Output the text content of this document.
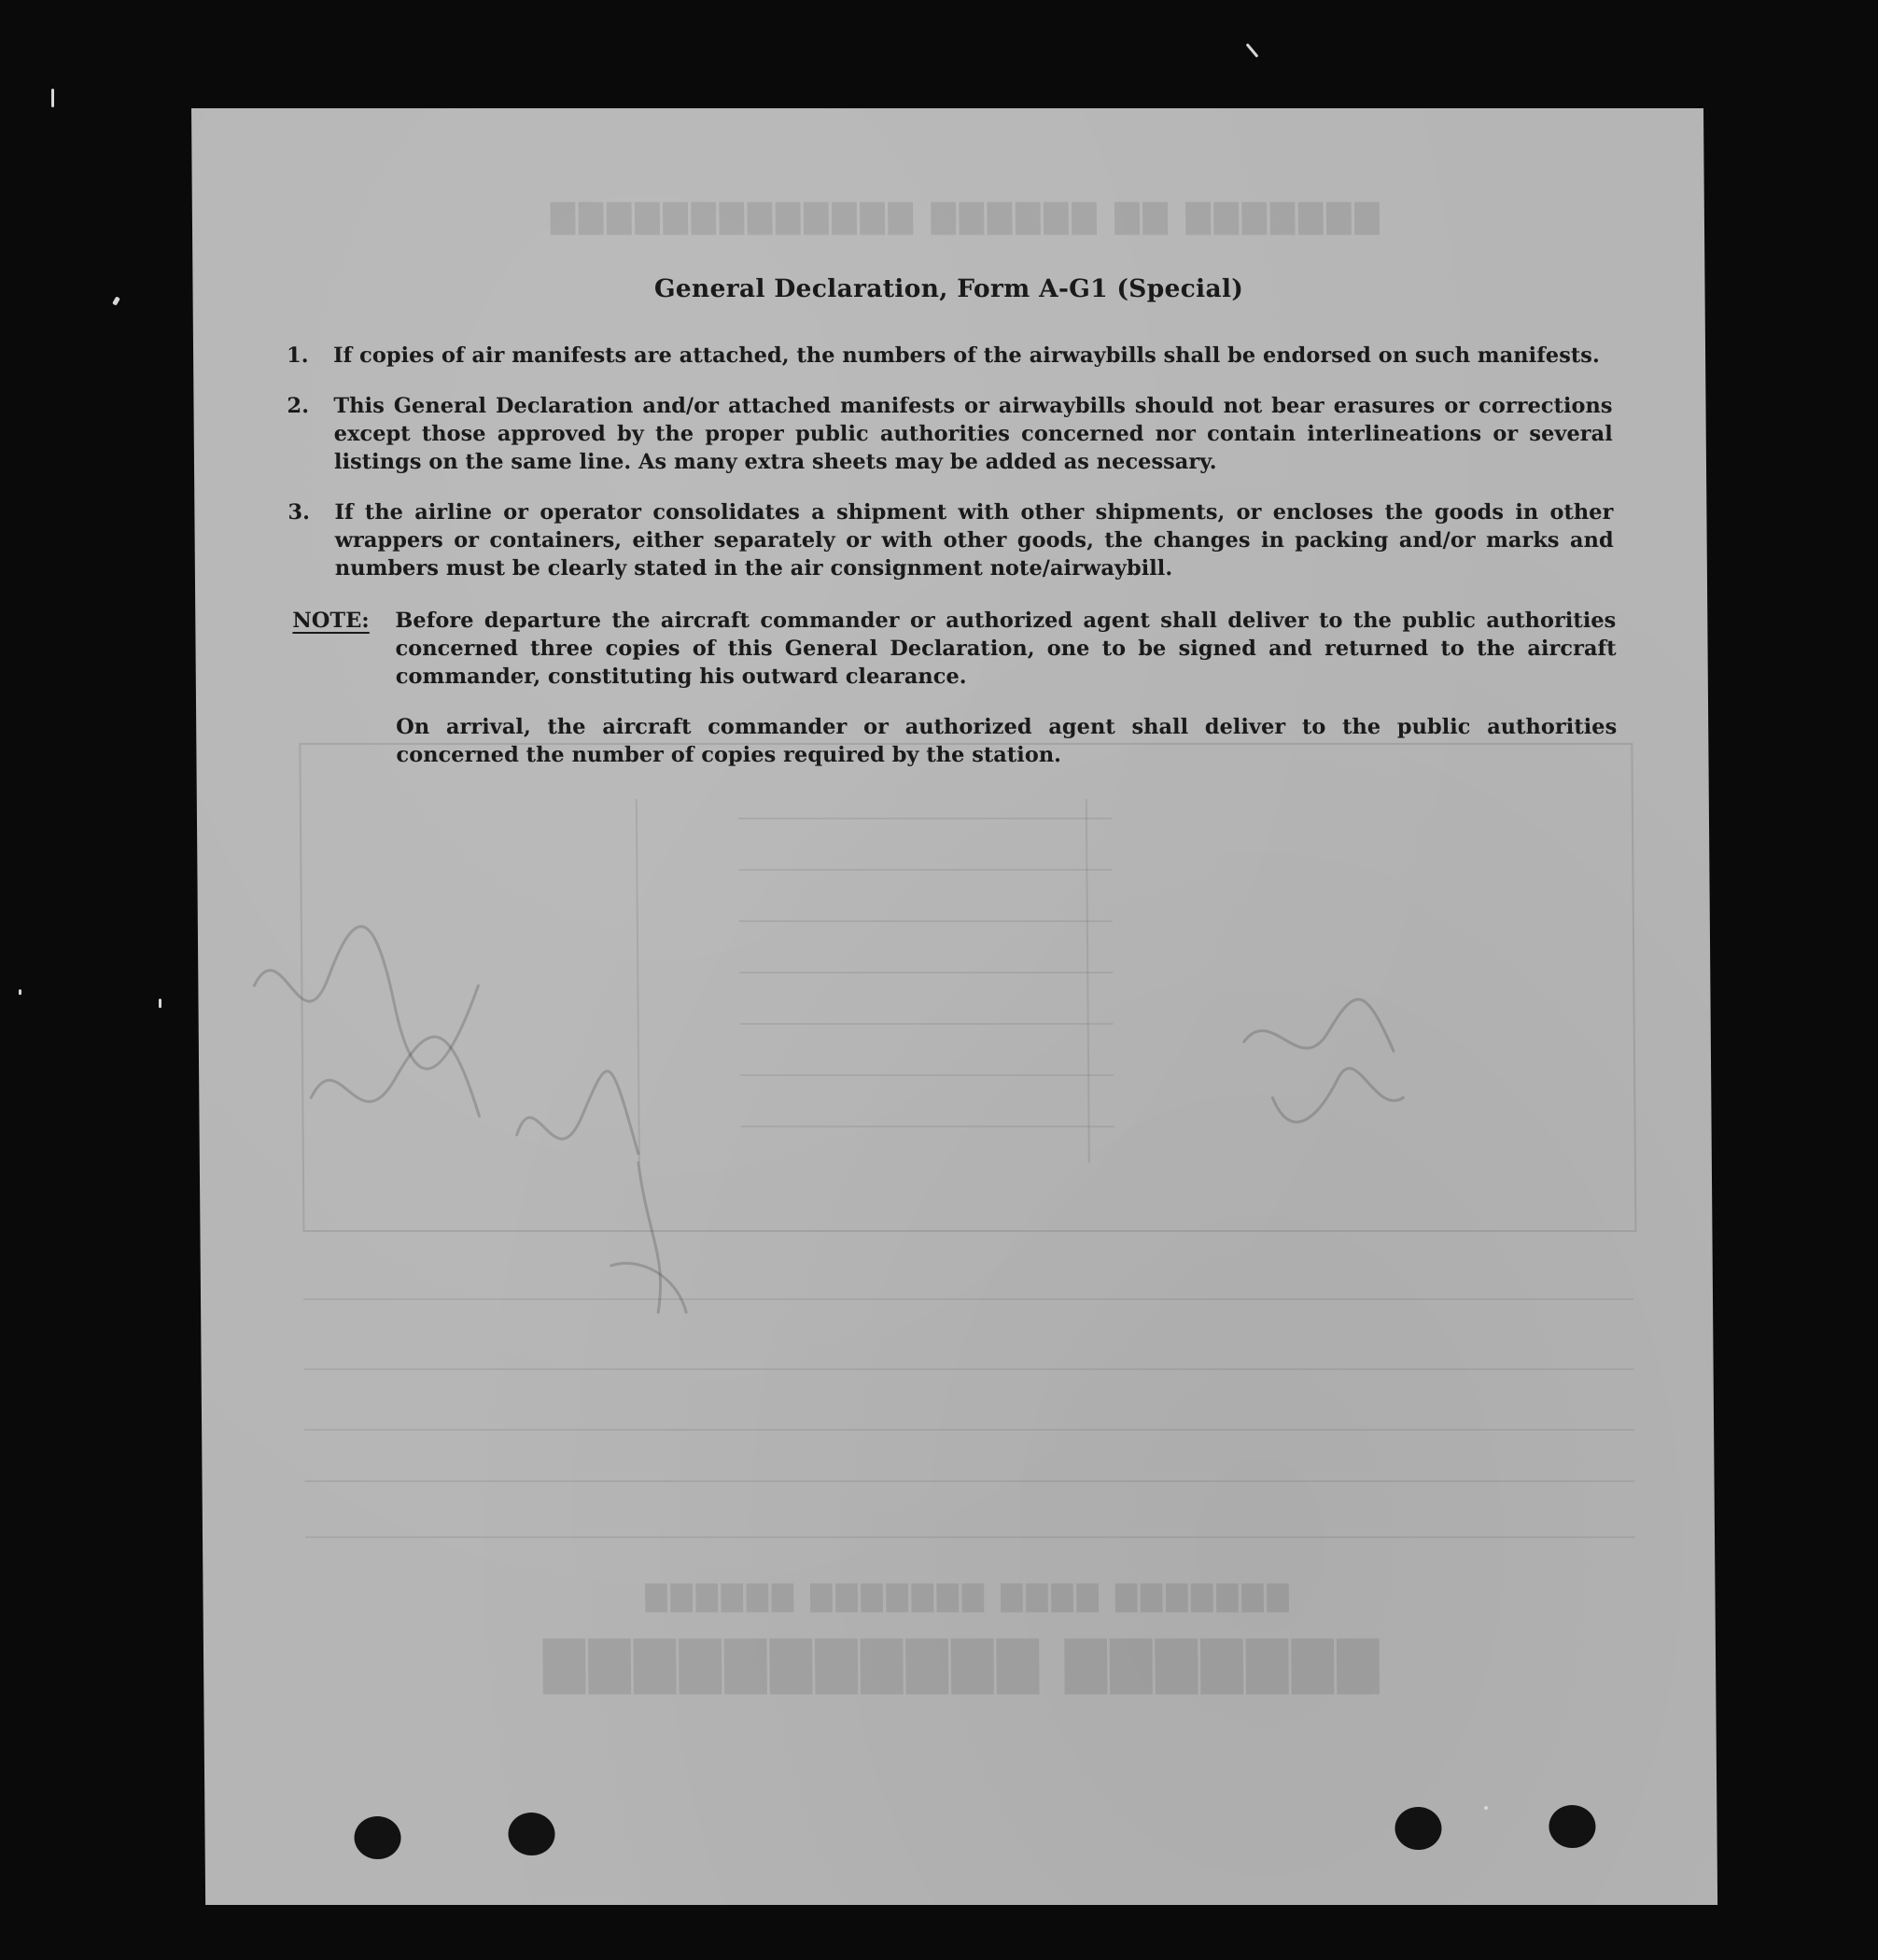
▇▇▇▇▇▇▇ ▇▇▇▇▇▇▇▇▇▇▇
▇▇▇▇▇▇▇ ▇▇▇▇ ▇▇▇▇▇▇▇ ▇▇▇▇▇▇
▇▇▇▇▇▇▇ ▇▇ ▇▇▇▇▇▇ ▇▇▇▇▇▇▇▇▇▇▇▇▇
General Declaration, Form A-G1 (Special)
1.	If copies of air manifests are attached, the numbers of the airwaybills shall be endorsed on such manifests.
2.	This General Declaration and/or attached manifests or airwaybills should not bear erasures or corrections except those approved by the proper public authorities concerned nor contain interlineations or several listings on the same line. As many extra sheets may be added as necessary.
3.	If the airline or operator consolidates a shipment with other shipments, or encloses the goods in other wrappers or containers, either separately or with other goods, the changes in packing and/or marks and numbers must be clearly stated in the air consignment note/airwaybill.
NOTE: Before departure the aircraft commander or authorized agent shall deliver to the public authorities concerned three copies of this General Declaration, one to be signed and returned to the aircraft commander, constituting his outward clearance.
On arrival, the aircraft commander or authorized agent shall deliver to the public authorities concerned the number of copies required by the station.
